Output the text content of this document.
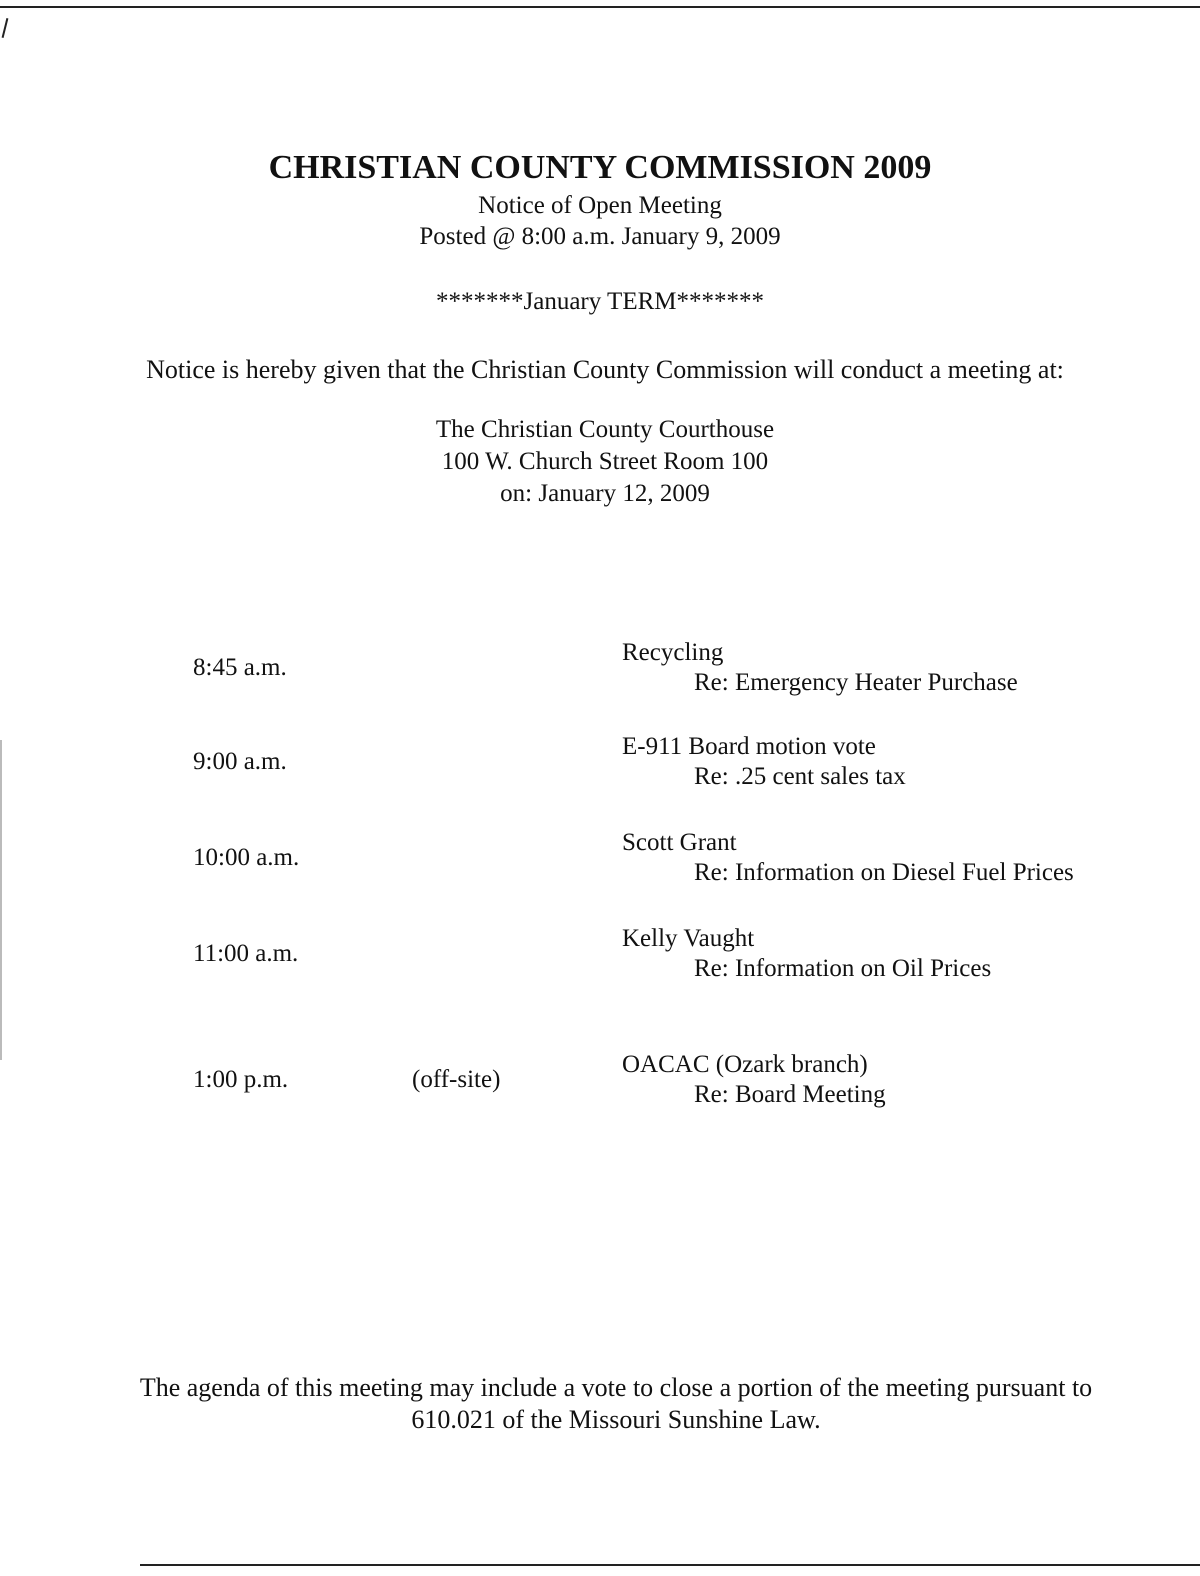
CHRISTIAN COUNTY COMMISSION 2009
Notice of Open Meeting
Posted @ 8:00 a.m. January 9, 2009
*******January TERM*******
Notice is hereby given that the Christian County Commission will conduct a meeting at:
The Christian County Courthouse
100 W. Church Street Room 100
on: January 12, 2009
8:45 a.m.
Recycling
Re: Emergency Heater Purchase
9:00 a.m.
E-911 Board motion vote
Re: .25 cent sales tax
10:00 a.m.
Scott Grant
Re: Information on Diesel Fuel Prices
11:00 a.m.
Kelly Vaught
Re: Information on Oil Prices
1:00 p.m.	(off-site)
OACAC (Ozark branch)
Re: Board Meeting
The agenda of this meeting may include a vote to close a portion of the meeting pursuant to
610.021 of the Missouri Sunshine Law.
